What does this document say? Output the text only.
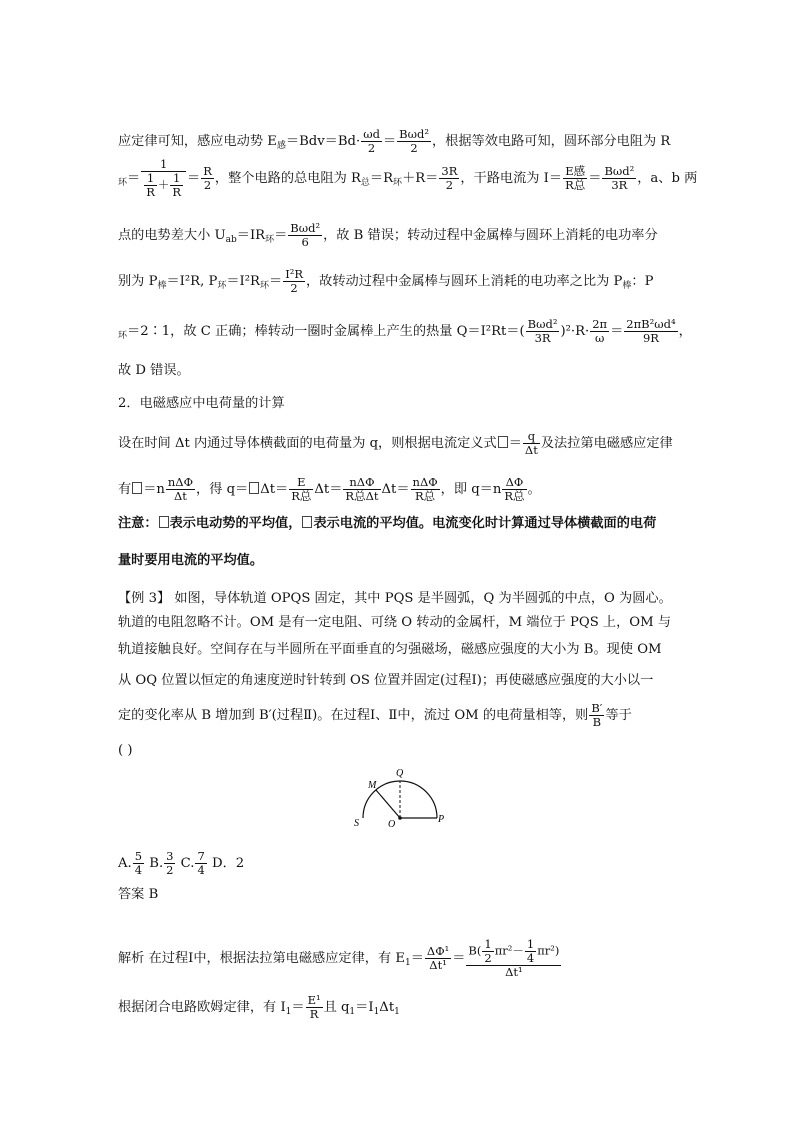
应定律可知，感应电动势 $E_感=Bdv=Bd\cdot \frac{\omega d}{2} = \frac{\text{Bωd²}}{2}$ ，根据等效电路可知，圆环部分电阻为 R
$_环= \frac{1}{\frac{1}{R} + \frac{1}{R}} = \frac{R}{2}$ ，整个电路的总电阻为 $R_总=R_环+R= \frac{3R}{2}$ ，干路电流为 $I= \frac{\text{E感}}{\text{R总}} = \frac{\text{Bωd²}}{3R}$ ，a、b 两
点的电势差大小 $U_{ab}=IR_环= \frac{\text{Bωd²}}{6}$ ，故 B 错误；转动过程中金属棒与圆环上消耗的电功率分
别为 $P_棒=I^2R$, $P_环=I^2R_环= \frac{\text{I²R}}{2}$ ，故转动过程中金属棒与圆环上消耗的电功率之比为 $P_棒$：P
$_环$＝2∶1，故 C 正确；棒转动一圈时金属棒上产生的热量 $Q=I^2Rt=( \frac{\text{Bωd²}}{3R} )^2\cdot R\cdot \frac{2\pi}{\omega} = \frac{\text{2πB²ωd⁴}}{9R}$ ，
故 D 错误。
2．电磁感应中电荷量的计算
设在时间 Δt 内通过导体横截面的电荷量为 q，则根据电流定义式 ＝ $\frac{q}{\Delta t}$ 及法拉第电磁感应定律
有 $=n \frac{\text{nΔΦ}}{\Delta t}$ ，得 $q= \Delta t= \frac{E}{\text{R总}} \Delta t= \frac{\text{nΔΦ}}{\text{R总Δt}} \Delta t= \frac{\text{nΔΦ}}{\text{R总}}$ ，即 $q=n \frac{\Delta\Phi}{\text{R总}}$ 。
注意： 表示电动势的平均值， 表示电流的平均值。电流变化时计算通过导体横截面的电荷
量时要用电流的平均值。
【例 3】 如图，导体轨道 OPQS 固定，其中 PQS 是半圆弧，Q 为半圆弧的中点，O 为圆心。
轨道的电阻忽略不计。OM 是有一定电阻、可绕 O 转动的金属杆，M 端位于 PQS 上，OM 与
轨道接触良好。空间存在与半圆所在平面垂直的匀强磁场，磁感应强度的大小为 B。现使 OM
从 OQ 位置以恒定的角速度逆时针转到 OS 位置并固定(过程Ⅰ)；再使磁感应强度的大小以一
定的变化率从 B 增加到 B′(过程Ⅱ)。在过程Ⅰ、Ⅱ中，流过 OM 的电荷量相等，则 $\frac{B'}{B}$ 等于
( )
M
Q
S	O	P
A. $\frac{5}{4} B$. $\frac{3}{2} C$. $\frac{7}{4}$ D．2
答案 B
解析 在过程Ⅰ中，根据法拉第电磁感应定律，有 $E_1= \frac{\text{ΔΦ¹}}{\text{Δt¹}} = \frac{B( \frac{1}{2} \pi r^2- \frac{1}{4} \pi r^2)}{\text{Δt¹}}$
根据闭合电路欧姆定律，有 $I_1= \frac{\text{E¹}}{R}$ 且 $q_1=I_1\Delta t_1$
